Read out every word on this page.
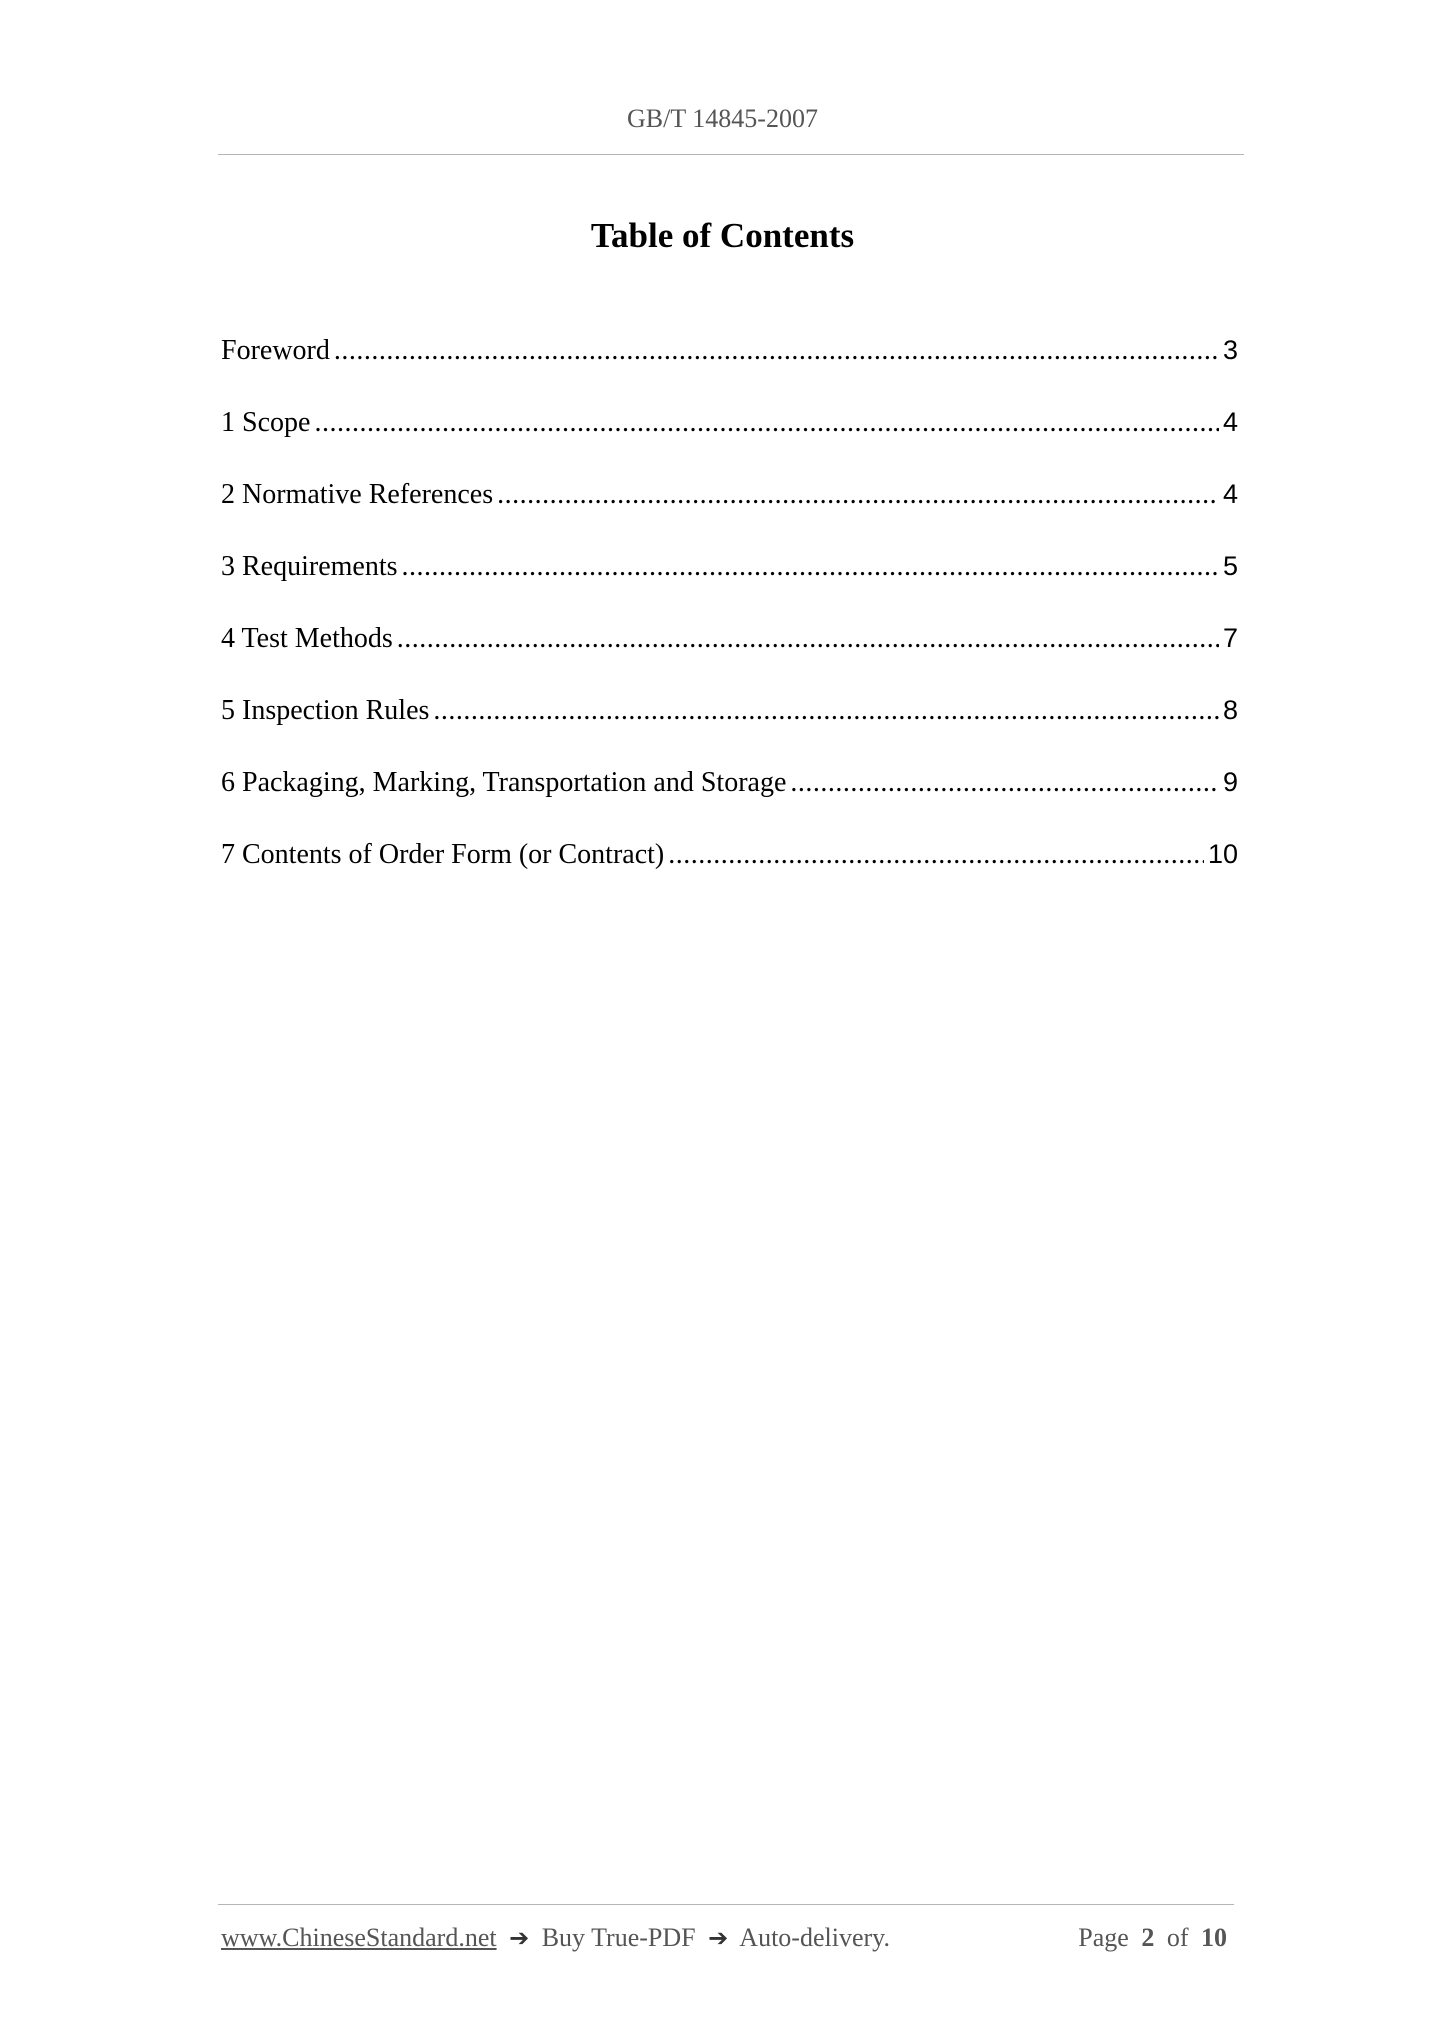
GB/T 14845-2007
Table of Contents
Foreword .....	3
1 Scope .....	4
2 Normative References .....	4
3 Requirements .....	5
4 Test Methods .....	7
5 Inspection Rules .....	8
6 Packaging, Marking, Transportation and Storage .....	9
7 Contents of Order Form (or Contract) .....	10
www.ChineseStandard.net ➔ Buy True-PDF ➔ Auto-delivery.	Page 2 of 10
